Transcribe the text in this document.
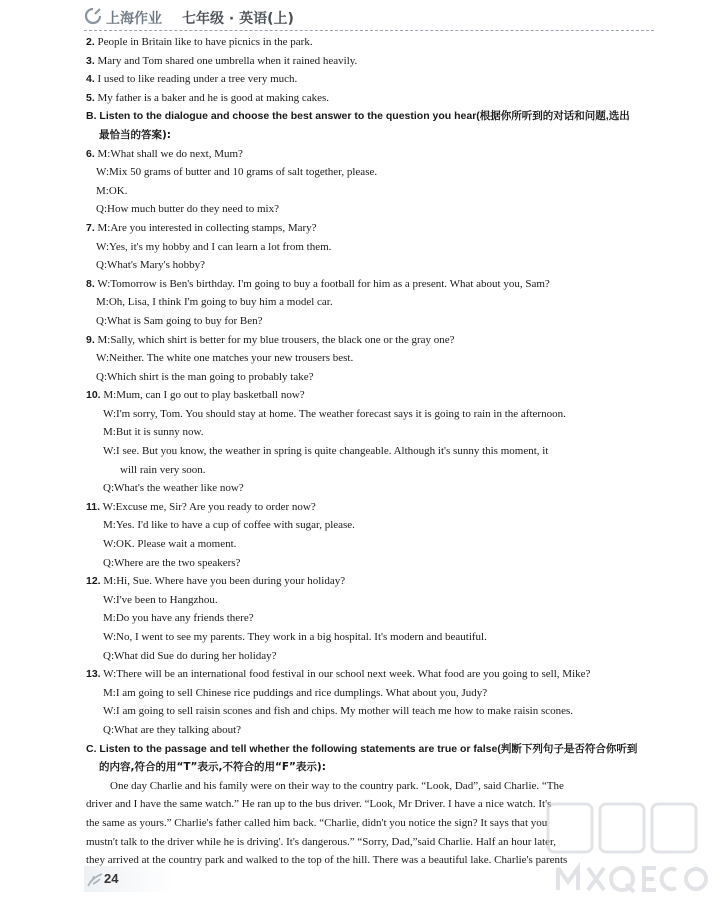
上海作业 七年级 · 英语(上)
2. People in Britain like to have picnics in the park.
3. Mary and Tom shared one umbrella when it rained heavily.
4. I used to like reading under a tree very much.
5. My father is a baker and he is good at making cakes.
B. Listen to the dialogue and choose the best answer to the question you hear(根据你所听到的对话和问题,选出
最恰当的答案):
6. M:What shall we do next, Mum?
W:Mix 50 grams of butter and 10 grams of salt together, please.
M:OK.
Q:How much butter do they need to mix?
7. M:Are you interested in collecting stamps, Mary?
W:Yes, it's my hobby and I can learn a lot from them.
Q:What's Mary's hobby?
8. W:Tomorrow is Ben's birthday. I'm going to buy a football for him as a present. What about you, Sam?
M:Oh, Lisa, I think I'm going to buy him a model car.
Q:What is Sam going to buy for Ben?
9. M:Sally, which shirt is better for my blue trousers, the black one or the gray one?
W:Neither. The white one matches your new trousers best.
Q:Which shirt is the man going to probably take?
10. M:Mum, can I go out to play basketball now?
W:I'm sorry, Tom. You should stay at home. The weather forecast says it is going to rain in the afternoon.
M:But it is sunny now.
W:I see. But you know, the weather in spring is quite changeable. Although it's sunny this moment, it
will rain very soon.
Q:What's the weather like now?
11. W:Excuse me, Sir? Are you ready to order now?
M:Yes. I'd like to have a cup of coffee with sugar, please.
W:OK. Please wait a moment.
Q:Where are the two speakers?
12. M:Hi, Sue. Where have you been during your holiday?
W:I've been to Hangzhou.
M:Do you have any friends there?
W:No, I went to see my parents. They work in a big hospital. It's modern and beautiful.
Q:What did Sue do during her holiday?
13. W:There will be an international food festival in our school next week. What food are you going to sell, Mike?
M:I am going to sell Chinese rice puddings and rice dumplings. What about you, Judy?
W:I am going to sell raisin scones and fish and chips. My mother will teach me how to make raisin scones.
Q:What are they talking about?
C. Listen to the passage and tell whether the following statements are true or false(判断下列句子是否符合你听到
的内容,符合的用“T”表示,不符合的用“F”表示):
One day Charlie and his family were on their way to the country park. “Look, Dad”, said Charlie. “The
driver and I have the same watch.” He ran up to the bus driver. “Look, Mr Driver. I have a nice watch. It's
the same as yours.” Charlie's father called him back. “Charlie, didn't you notice the sign? It says that you
mustn't talk to the driver while he is driving'. It's dangerous.” “Sorry, Dad,”said Charlie. Half an hour later,
they arrived at the country park and walked to the top of the hill. There was a beautiful lake. Charlie's parents
24
